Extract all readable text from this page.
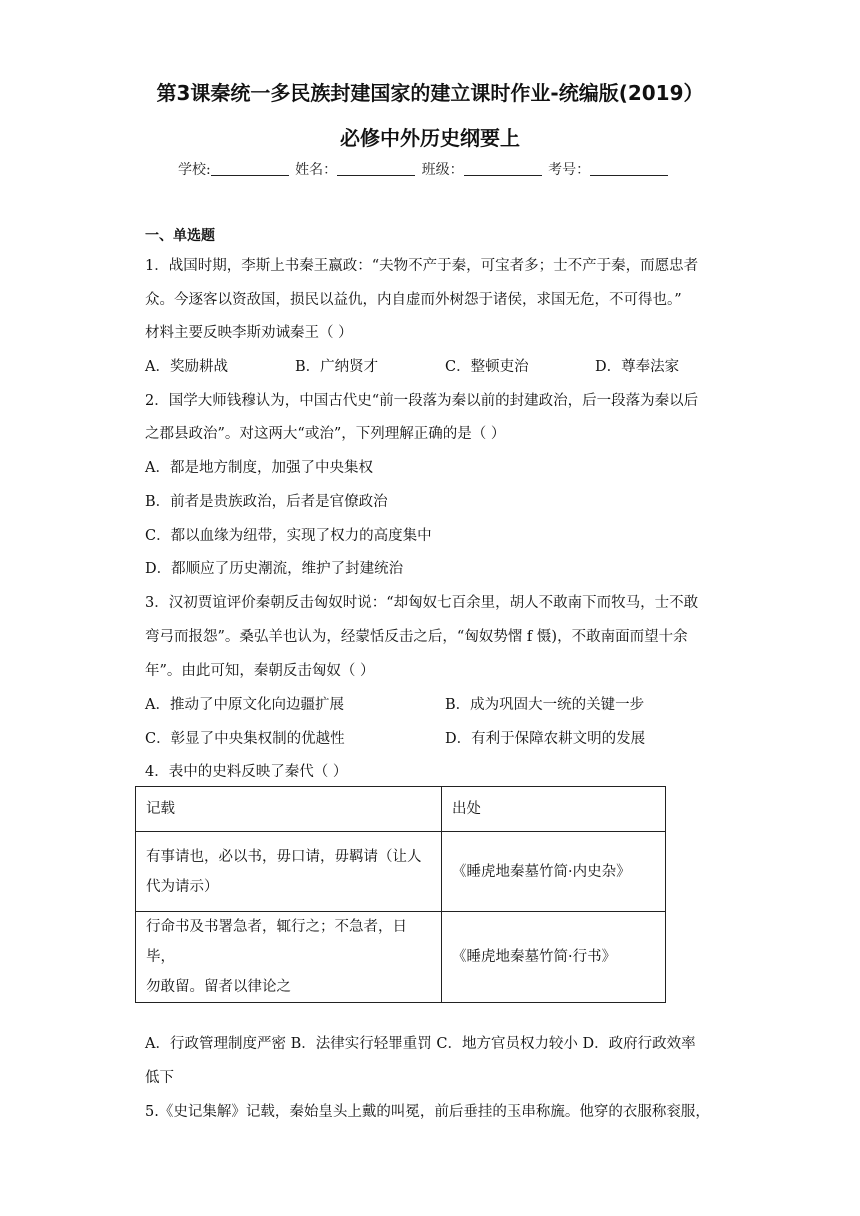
第3课秦统一多民族封建国家的建立课时作业-统编版(2019）
必修中外历史纲要上
学校:	姓名：	班级：	考号：
一、单选题
1．战国时期，李斯上书秦王嬴政：“夫物不产于秦，可宝者多；士不产于秦，而愿忠者
众。今逐客以资敌国，损民以益仇，内自虚而外树怨于诸侯，求国无危，不可得也。”
材料主要反映李斯劝诫秦王（ ）
A．奖励耕战	B．广纳贤才	C．整顿吏治	D．尊奉法家
2．国学大师钱穆认为，中国古代史“前一段落为秦以前的封建政治，后一段落为秦以后
之郡县政治”。对这两大“或治”，下列理解正确的是（ ）
A．都是地方制度，加强了中央集权
B．前者是贵族政治，后者是官僚政治
C．都以血缘为纽带，实现了权力的高度集中
D．都顺应了历史潮流，维护了封建统治
3．汉初贾谊评价秦朝反击匈奴时说：“却匈奴七百余里，胡人不敢南下而牧马，士不敢
弯弓而报怨”。桑弘羊也认为，经蒙恬反击之后，“匈奴势慴 f 慑)，不敢南面而望十余
年”。由此可知，秦朝反击匈奴（ ）
A．推动了中原文化向边疆扩展	B．成为巩固大一统的关键一步
C．彰显了中央集权制的优越性	D．有利于保障农耕文明的发展
4．表中的史料反映了秦代（ ）
记载	出处

有事请也，必以书，毋口请，毋羁请（让人
代为请示）	《睡虎地秦墓竹简·内史杂》

行命书及书署急者，辄行之；不急者，日毕，
勿敢留。留者以律论之	《睡虎地秦墓竹简·行书》
A．行政管理制度严密 B．法律实行轻罪重罚 C．地方官员权力较小 D．政府行政效率
低下
5.《史记集解》记载，秦始皇头上戴的叫冕，前后垂挂的玉串称旒。他穿的衣服称衮服，
